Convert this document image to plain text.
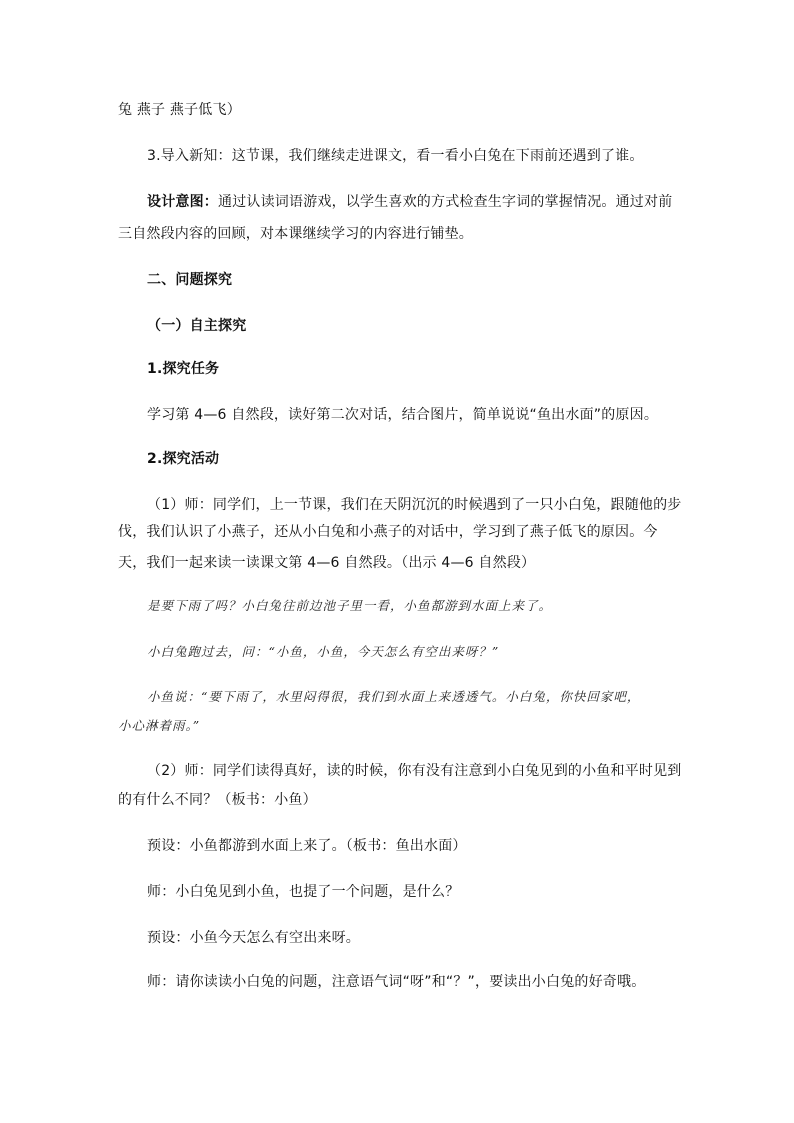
兔 燕子 燕子低飞）
3.导入新知：这节课，我们继续走进课文，看一看小白兔在下雨前还遇到了谁。
设计意图：通过认读词语游戏，以学生喜欢的方式检查生字词的掌握情况。通过对前
三自然段内容的回顾，对本课继续学习的内容进行铺垫。
二、问题探究
（一）自主探究
1.探究任务
学习第 4—6 自然段，读好第二次对话，结合图片，简单说说“鱼出水面”的原因。
2.探究活动
（1）师：同学们，上一节课，我们在天阴沉沉的时候遇到了一只小白兔，跟随他的步
伐，我们认识了小燕子，还从小白兔和小燕子的对话中，学习到了燕子低飞的原因。今
天，我们一起来读一读课文第 4—6 自然段。（出示 4—6 自然段）
是要下雨了吗？小白兔往前边池子里一看，小鱼都游到水面上来了。
小白兔跑过去，问：“小鱼，小鱼，今天怎么有空出来呀？”
小鱼说：“要下雨了，水里闷得很，我们到水面上来透透气。小白兔，你快回家吧，
小心淋着雨。”
（2）师：同学们读得真好，读的时候，你有没有注意到小白兔见到的小鱼和平时见到
的有什么不同？（板书：小鱼）
预设：小鱼都游到水面上来了。（板书：鱼出水面）
师：小白兔见到小鱼，也提了一个问题，是什么？
预设：小鱼今天怎么有空出来呀。
师：请你读读小白兔的问题，注意语气词“呀”和“？”，要读出小白兔的好奇哦。
